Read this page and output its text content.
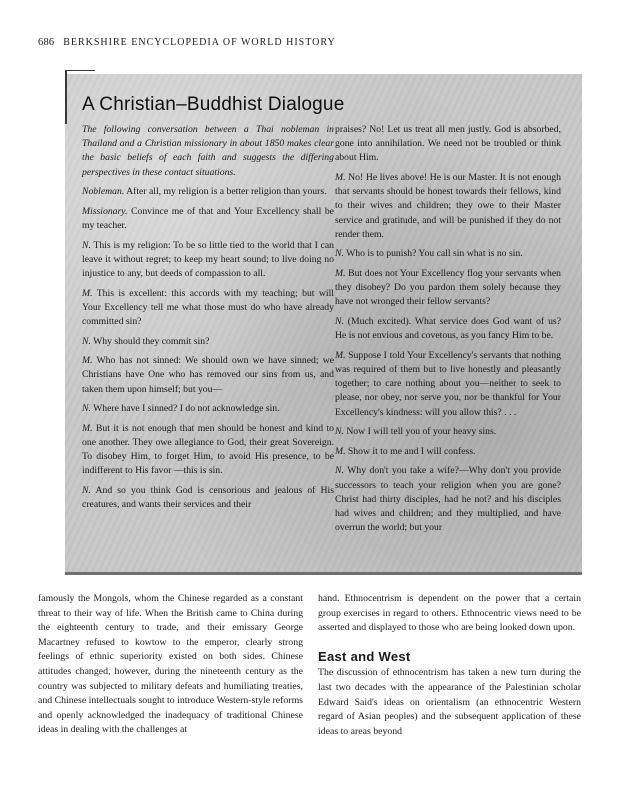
686 BERKSHIRE ENCYCLOPEDIA OF WORLD HISTORY
A Christian–Buddhist Dialogue

The following conversation between a Thai nobleman in Thailand and a Christian missionary in about 1850 makes clear the basic beliefs of each faith and suggests the differing perspectives in these contact situations.

Nobleman. After all, my religion is a better religion than yours.

Missionary. Convince me of that and Your Excellency shall be my teacher.

N. This is my religion: To be so little tied to the world that I can leave it without regret; to keep my heart sound; to live doing no injustice to any, but deeds of compassion to all.

M. This is excellent: this accords with my teaching; but will Your Excellency tell me what those must do who have already committed sin?

N. Why should they commit sin?

M. Who has not sinned: We should own we have sinned; we Christians have One who has removed our sins from us, and taken them upon himself; but you—

N. Where have I sinned? I do not acknowledge sin.

M. But it is not enough that men should be honest and kind to one another. They owe allegiance to God, their great Sovereign. To disobey Him, to forget Him, to avoid His presence, to be indifferent to His favor —this is sin.

N. And so you think God is censorious and jealous of His creatures, and wants their services and their

praises? No! Let us treat all men justly. God is absorbed, gone into annihilation. We need not be troubled or think about Him.

M. No! He lives above! He is our Master. It is not enough that servants should be honest towards their fellows, kind to their wives and children; they owe to their Master service and gratitude, and will be punished if they do not render them.

N. Who is to punish? You call sin what is no sin.

M. But does not Your Excellency flog your servants when they disobey? Do you pardon them solely because they have not wronged their fellow servants?

N. (Much excited). What service does God want of us? He is not envious and covetous, as you fancy Him to be.

M. Suppose I told Your Excellency's servants that nothing was required of them but to live honestly and pleasantly together; to care nothing about you—neither to seek to please, nor obey, nor serve you, nor be thankful for Your Excellency's kindness: will you allow this? . . .

N. Now I will tell you of your heavy sins.

M. Show it to me and I will confess.

N. Why don't you take a wife?—Why don't you provide successors to teach your religion when you are gone? Christ had thirty disciples, had he not? and his disciples had wives and children; and they multiplied, and have overrun the world; but your

famously the Mongols, whom the Chinese regarded as a constant threat to their way of life. When the British came to China during the eighteenth century to trade, and their emissary George Macartney refused to kowtow to the emperor, clearly strong feelings of ethnic superiority existed on both sides. Chinese attitudes changed, however, during the nineteenth century as the country was subjected to military defeats and humiliating treaties, and Chinese intellectuals sought to introduce Western-style reforms and openly acknowledged the inadequacy of traditional Chinese ideas in dealing with the challenges at

hand. Ethnocentrism is dependent on the power that a certain group exercises in regard to others. Ethnocentric views need to be asserted and displayed to those who are being looked down upon.

East and West

The discussion of ethnocentrism has taken a new turn during the last two decades with the appearance of the Palestinian scholar Edward Said's ideas on orientalism (an ethnocentric Western regard of Asian peoples) and the subsequent application of these ideas to areas beyond
